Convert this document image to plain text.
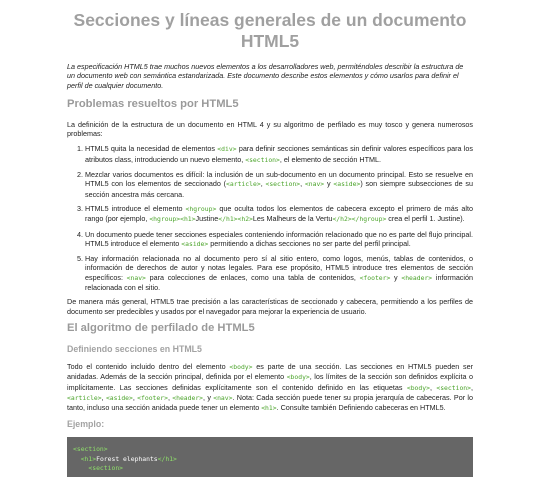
Secciones y líneas generales de un documento HTML5

La especificación HTML5 trae muchos nuevos elementos a los desarrolladores web, permiténdoles describir la estructura de un documento web con semántica estandarizada. Este documento describe estos elementos y cómo usarlos para definir el perfil de cualquier documento.

Problemas resueltos por HTML5

La definición de la estructura de un documento en HTML 4 y su algoritmo de perfilado es muy tosco y genera numerosos problemas:

1. HTML5 quita la necesidad de elementos <div> para definir secciones semánticas sin definir valores específicos para los atributos class, introduciendo un nuevo elemento, <section>, el elemento de sección HTML.
2. Mezclar varios documentos es difícil: la inclusión de un sub-documento en un documento principal. Esto se resuelve en HTML5 con los elementos de seccionado (<article>, <section>, <nav> y <aside>) son siempre subsecciones de su sección ancestra más cercana.
3. HTML5 introduce el elemento <hgroup> que oculta todos los elementos de cabecera excepto el primero de más alto rango (por ejemplo, <hgroup><h1>Justine</h1><h2>Les Malheurs de la Vertu</h2></hgroup> crea el perfil 1. Justine).
4. Un documento puede tener secciones especiales conteniendo información relacionado que no es parte del flujo principal. HTML5 introduce el elemento <aside> permitiendo a dichas secciones no ser parte del perfil principal.
5. Hay información relacionada no al documento pero sí al sitio entero, como logos, menús, tablas de contenidos, o información de derechos de autor y notas legales. Para ese propósito, HTML5 introduce tres elementos de sección específicos: <nav> para colecciones de enlaces, como una tabla de contenidos, <footer> y <header> información relacionada con el sitio.

De manera más general, HTML5 trae precisión a las características de seccionado y cabecera, permitiendo a los perfiles de documento ser predecibles y usados por el navegador para mejorar la experiencia de usuario.

El algoritmo de perfilado de HTML5
Definiendo secciones en HTML5

Todo el contenido incluido dentro del elemento <body> es parte de una sección. Las secciones en HTML5 pueden ser anidadas. Además de la sección principal, definida por el elemento <body>, los límites de la sección son definidos explícita o implícitamente. Las secciones definidas explícitamente son el contenido definido en las etiquetas <body>, <section>, <article>, <aside>, <footer>, <header>, y <nav>. Nota: Cada sección puede tener su propia jerarquía de cabeceras. Por lo tanto, incluso una sección anidada puede tener un elemento <h1>. Consulte también Definiendo cabeceras en HTML5.

Ejemplo:
<section>
<h1>Forest elephants</h1>
<section>
